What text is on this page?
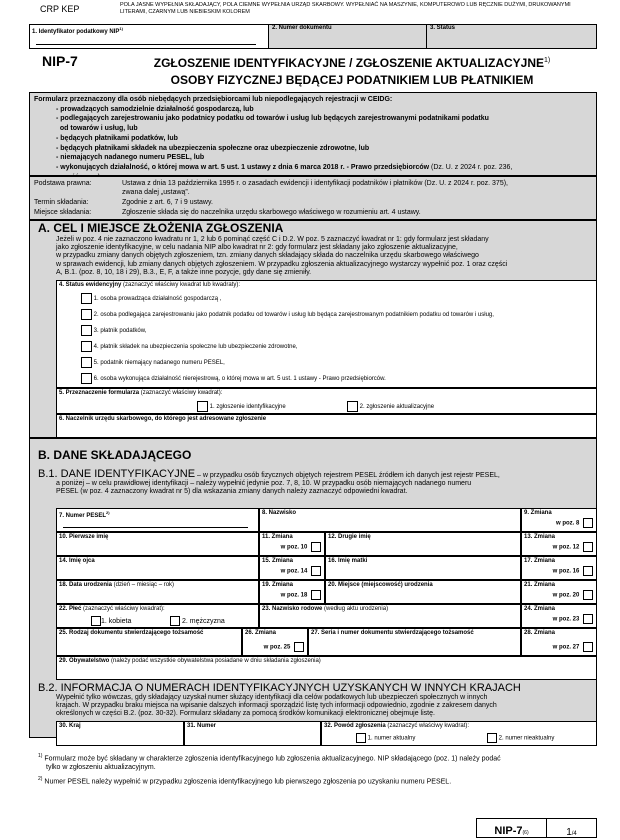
CRP KEP	POLA JASNE WYPEŁNIA SKŁADAJĄCY, POLA CIEMNE WYPEŁNIA URZĄD SKARBOWY. WYPEŁNIAĆ NA MASZYNIE, KOMPUTEROWO LUB RĘCZNIE DUŻYMI, DRUKOWANYMI LITERAMI, CZARNYM LUB NIEBIESKIM KOLOREM
1. Identyfikator podatkowy NIP$^{1)}$	2. Numer dokumentu	3. Status
NIP-7	ZGŁOSZENIE IDENTYFIKACYJNE / ZGŁOSZENIE AKTUALIZACYJNE$^{1)}$
OSOBY FIZYCZNEJ BĘDĄCEJ PODATNIKIEM LUB PŁATNIKIEM
Formularz przeznaczony dla osób niebędących przedsiębiorcami lub niepodlegających rejestracji w CEIDG:
- prowadzących samodzielnie działalność gospodarczą, lub
- podlegających zarejestrowaniu jako podatnicy podatku od towarów i usług lub będących zarejestrowanymi podatnikami podatku
od towarów i usług, lub
- będących płatnikami podatków, lub
- będących płatnikami składek na ubezpieczenia społeczne oraz ubezpieczenie zdrowotne, lub
- niemających nadanego numeru PESEL, lub
- wykonujących działalność, o której mowa w art. 5 ust. 1 ustawy z dnia 6 marca 2018 r. - Prawo przedsiębiorców (Dz. U. z 2024 r. poz. 236,
Podstawa prawna:	Ustawa z dnia 13 października 1995 r. o zasadach ewidencji i identyfikacji podatników i płatników (Dz. U. z 2024 r. poz. 375),
zwana dalej „ustawą”.
Termin składania:	Zgodnie z art. 6, 7 i 9 ustawy.
Miejsce składania:	Zgłoszenie składa się do naczelnika urzędu skarbowego właściwego w rozumieniu art. 4 ustawy.
A. CEL I MIEJSCE ZŁOŻENIA ZGŁOSZENIA
Jeżeli w poz. 4 nie zaznaczono kwadratu nr 1, 2 lub 6 pominąć część C i D.2. W poz. 5 zaznaczyć kwadrat nr 1: gdy formularz jest składany
jako zgłoszenie identyfikacyjne, w celu nadania NIP albo kwadrat nr 2: gdy formularz jest składany jako zgłoszenie aktualizacyjne,
w przypadku zmiany danych objętych zgłoszeniem, tzn. zmiany danych składający składa do naczelnika urzędu skarbowego właściwego
w sprawach ewidencji, lub zmiany danych objętych zgłoszeniem. W przypadku zgłoszenia aktualizacyjnego wystarczy wypełnić poz. 1 oraz części
A, B.1. (poz. 8, 10, 18 i 29), B.3., E, F, a także inne pozycje, gdy dane się zmieniły.
4. Status ewidencyjny (zaznaczyć właściwy kwadrat lub kwadraty):
1. osoba prowadząca działalność gospodarczą ,
2. osoba podlegająca zarejestrowaniu jako podatnik podatku od towarów i usług lub będąca zarejestrowanym podatnikiem podatku od towarów i usług,
3. płatnik podatków,
4. płatnik składek na ubezpieczenia społeczne lub ubezpieczenie zdrowotne,
5. podatnik niemający nadanego numeru PESEL,
6. osoba wykonująca działalność nierejestrową, o której mowa w art. 5 ust. 1 ustawy - Prawo przedsiębiorców.
5. Przeznaczenie formularza (zaznaczyć właściwy kwadrat):
1. zgłoszenie identyfikacyjne	2. zgłoszenie aktualizacyjne
6. Naczelnik urzędu skarbowego, do którego jest adresowane zgłoszenie
B. DANE SKŁADAJĄCEGO
B.1. DANE IDENTYFIKACYJNE – w przypadku osób fizycznych objętych rejestrem PESEL źródłem ich danych jest rejestr PESEL,
a poniżej – w celu prawidłowej identyfikacji – należy wypełnić jedynie poz. 7, 8, 10. W przypadku osób niemających nadanego numeru
PESEL (w poz. 4 zaznaczony kwadrat nr 5) dla wskazania zmiany danych należy zaznaczyć odpowiedni kwadrat.
7. Numer PESEL$^{2)}$	8. Nazwisko	9. Zmiana
w poz. 8
10. Pierwsze imię	11. Zmiana
w poz. 10
12. Drugie imię	13. Zmiana
w poz. 12
14. Imię ojca	15. Zmiana
w poz. 14
16. Imię matki	17. Zmiana
w poz. 16
18. Data urodzenia (dzień – miesiąc – rok)	19. Zmiana
w poz. 18
20. Miejsce (miejscowość) urodzenia	21. Zmiana
w poz. 20
22. Płeć (zaznaczyć właściwy kwadrat):
1. kobieta	2. mężczyzna
23. Nazwisko rodowe (według aktu urodzenia)	24. Zmiana
w poz. 23
25. Rodzaj dokumentu stwierdzającego tożsamość	26. Zmiana
w poz. 25
27. Seria i numer dokumentu stwierdzającego tożsamość	28. Zmiana
w poz. 27
29. Obywatelstwo (należy podać wszystkie obywatelstwa posiadane w dniu składania zgłoszenia)
B.2. INFORMACJA O NUMERACH IDENTYFIKACYJNYCH UZYSKANYCH W INNYCH KRAJACH
Wypełnić tylko wówczas, gdy składający uzyskał numer służący identyfikacji dla celów podatkowych lub ubezpieczeń społecznych w innych
krajach. W przypadku braku miejsca na wpisanie dalszych informacji sporządzić listę tych informacji odpowiednio, zgodnie z zakresem danych
określonych w części B.2. (poz. 30-32). Formularz składany za pomocą środków komunikacji elektronicznej obejmuje listę.
30. Kraj	31. Numer	32. Powód zgłoszenia (zaznaczyć właściwy kwadrat):
1. numer aktualny	2. numer nieaktualny
$^{1)}$ Formularz może być składany w charakterze zgłoszenia identyfikacyjnego lub zgłoszenia aktualizacyjnego. NIP składającego (poz. 1) należy podać
tylko w zgłoszeniu aktualizacyjnym.
$^{2)}$ Numer PESEL należy wypełnić w przypadku zgłoszenia identyfikacyjnego lub pierwszego zgłoszenia po uzyskaniu numeru PESEL.
NIP-7(6)	1/4
